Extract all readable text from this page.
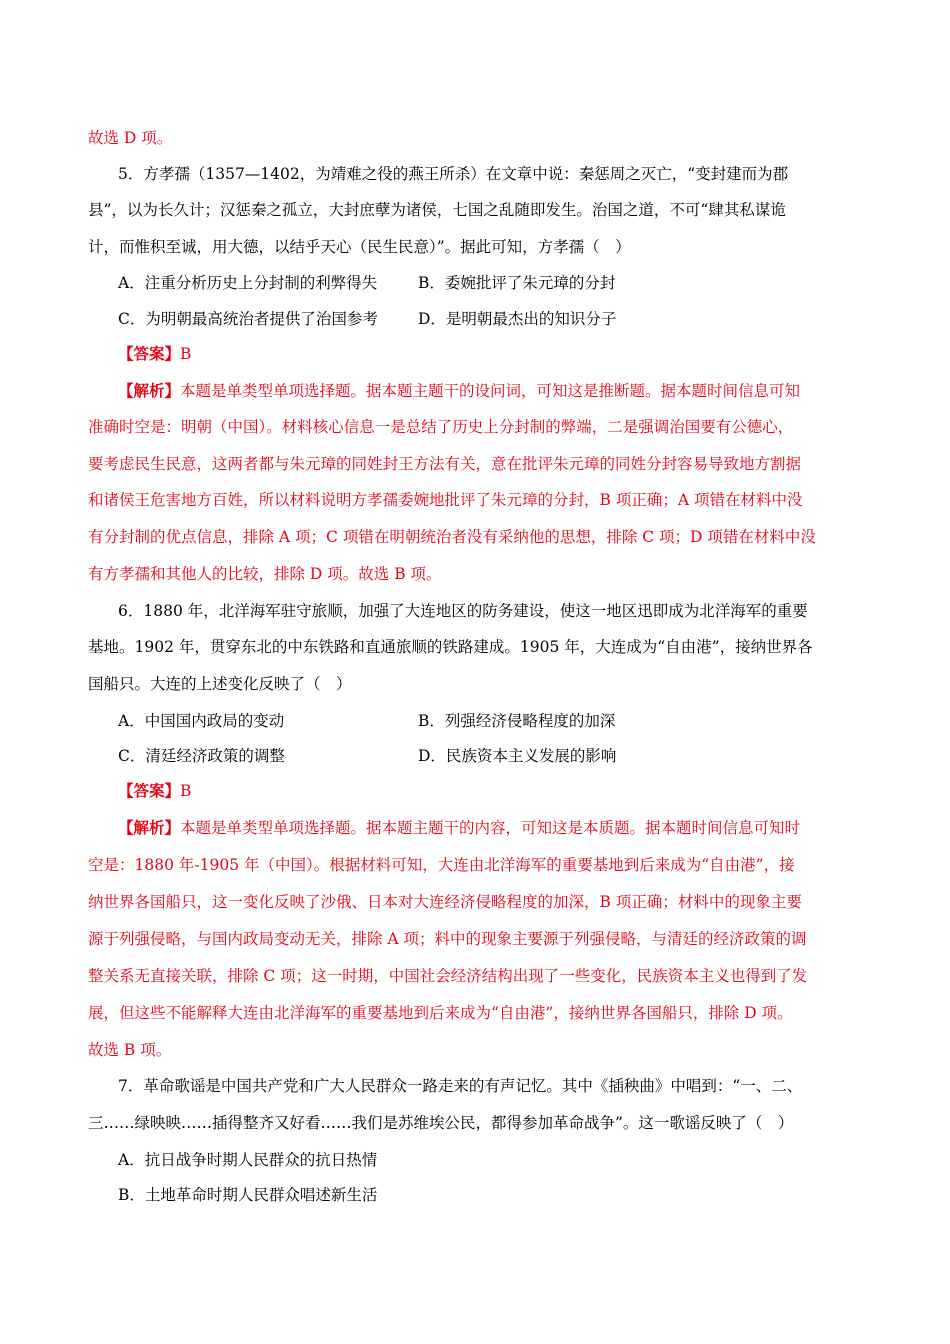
故选 D 项。
5．方孝孺（1357—1402，为靖难之役的燕王所杀）在文章中说：秦惩周之灭亡，“变封建而为郡
县”，以为长久计；汉惩秦之孤立，大封庶孽为诸侯，七国之乱随即发生。治国之道，不可“肆其私谋诡
计，而惟积至诚，用大德，以结乎天心（民生民意）”。据此可知，方孝孺（　）
A．注重分析历史上分封制的利弊得失	B．委婉批评了朱元璋的分封
C．为明朝最高统治者提供了治国参考	D．是明朝最杰出的知识分子
【答案】B
【解析】本题是单类型单项选择题。据本题主题干的设问词，可知这是推断题。据本题时间信息可知
准确时空是：明朝（中国）。材料核心信息一是总结了历史上分封制的弊端，二是强调治国要有公德心，
要考虑民生民意，这两者都与朱元璋的同姓封王方法有关，意在批评朱元璋的同姓分封容易导致地方割据
和诸侯王危害地方百姓，所以材料说明方孝孺委婉地批评了朱元璋的分封，B 项正确；A 项错在材料中没
有分封制的优点信息，排除 A 项；C 项错在明朝统治者没有采纳他的思想，排除 C 项；D 项错在材料中没
有方孝孺和其他人的比较，排除 D 项。故选 B 项。
6．1880 年，北洋海军驻守旅顺，加强了大连地区的防务建设，使这一地区迅即成为北洋海军的重要
基地。1902 年，贯穿东北的中东铁路和直通旅顺的铁路建成。1905 年，大连成为“自由港”，接纳世界各
国船只。大连的上述变化反映了（　）
A．中国国内政局的变动	B．列强经济侵略程度的加深
C．清廷经济政策的调整	D．民族资本主义发展的影响
【答案】B
【解析】本题是单类型单项选择题。据本题主题干的内容，可知这是本质题。据本题时间信息可知时
空是：1880 年-1905 年（中国）。根据材料可知，大连由北洋海军的重要基地到后来成为“自由港”，接
纳世界各国船只，这一变化反映了沙俄、日本对大连经济侵略程度的加深，B 项正确；材料中的现象主要
源于列强侵略，与国内政局变动无关，排除 A 项；料中的现象主要源于列强侵略，与清廷的经济政策的调
整关系无直接关联，排除 C 项；这一时期，中国社会经济结构出现了一些变化，民族资本主义也得到了发
展，但这些不能解释大连由北洋海军的重要基地到后来成为“自由港”，接纳世界各国船只，排除 D 项。
故选 B 项。
7．革命歌谣是中国共产党和广大人民群众一路走来的有声记忆。其中《插秧曲》中唱到：“一、二、
三……绿映映……插得整齐又好看……我们是苏维埃公民，都得参加革命战争”。这一歌谣反映了（　）
A．抗日战争时期人民群众的抗日热情
B．土地革命时期人民群众唱述新生活
